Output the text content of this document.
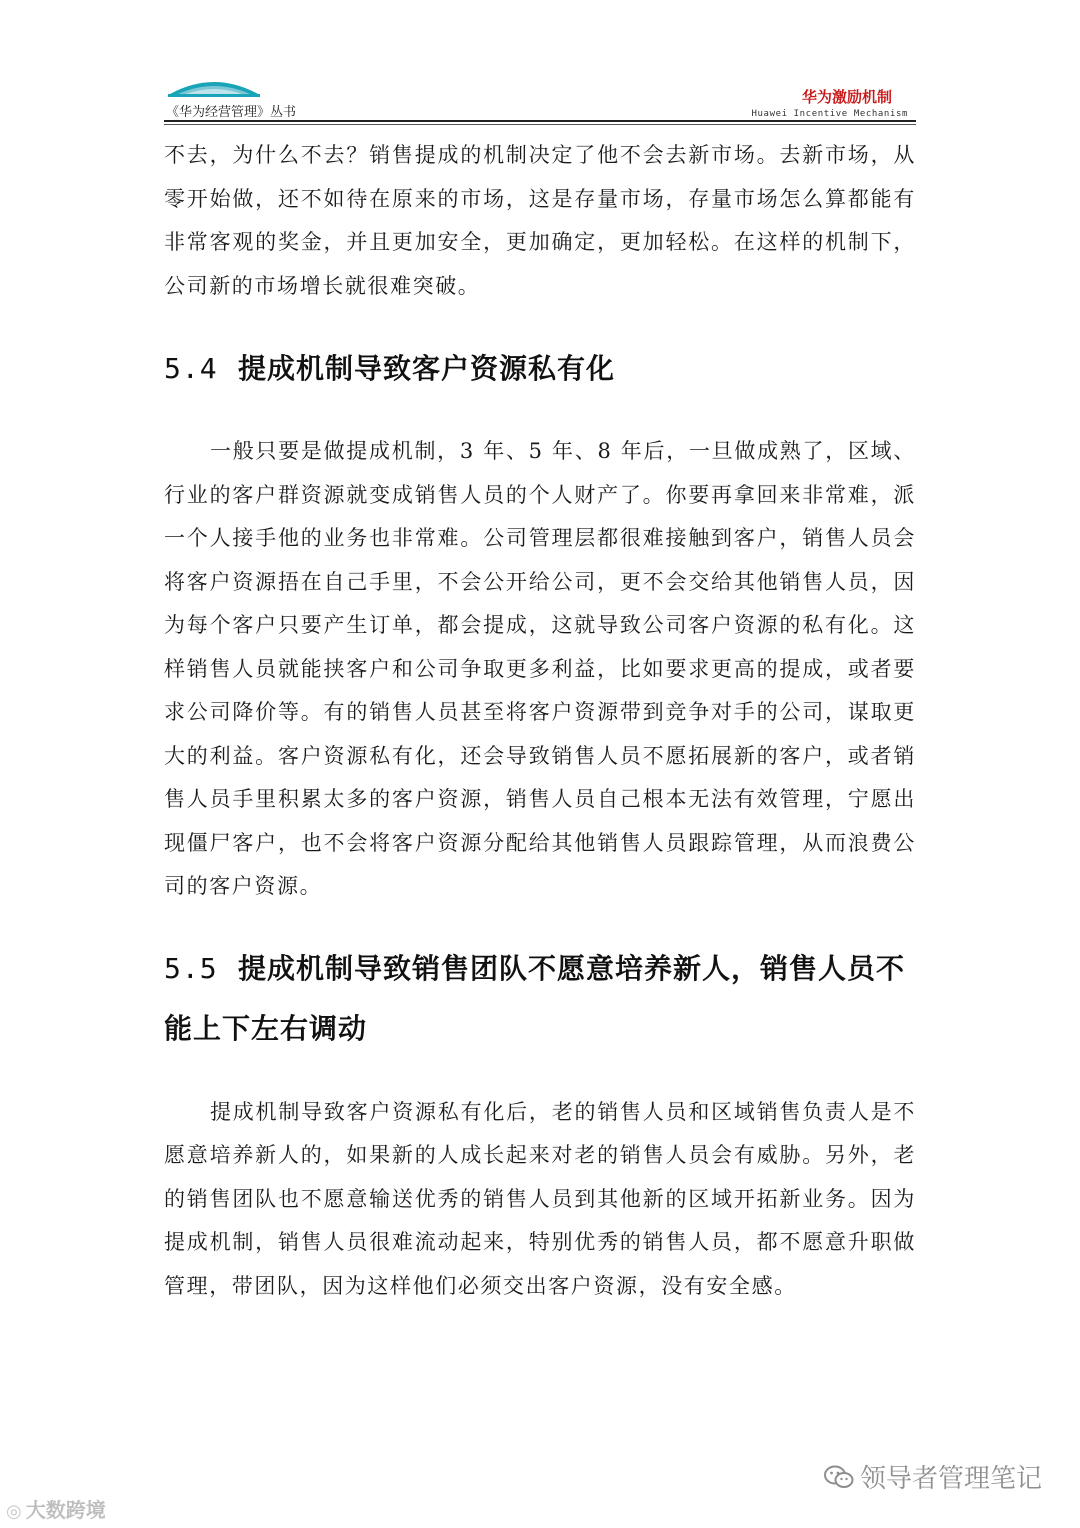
《华为经营管理》丛书
华为激励机制
Huawei Incentive Mechanism

不去，为什么不去？销售提成的机制决定了他不会去新市场。去新市场，从零开始做，还不如待在原来的市场，这是存量市场，存量市场怎么算都能有非常客观的奖金，并且更加安全，更加确定，更加轻松。在这样的机制下，公司新的市场增长就很难突破。

5.4 提成机制导致客户资源私有化

一般只要是做提成机制，3 年、5 年、8 年后，一旦做成熟了，区域、行业的客户群资源就变成销售人员的个人财产了。你要再拿回来非常难，派一个人接手他的业务也非常难。公司管理层都很难接触到客户，销售人员会将客户资源捂在自己手里，不会公开给公司，更不会交给其他销售人员，因为每个客户只要产生订单，都会提成，这就导致公司客户资源的私有化。这样销售人员就能挟客户和公司争取更多利益，比如要求更高的提成，或者要求公司降价等。有的销售人员甚至将客户资源带到竞争对手的公司，谋取更大的利益。客户资源私有化，还会导致销售人员不愿拓展新的客户，或者销售人员手里积累太多的客户资源，销售人员自己根本无法有效管理，宁愿出现僵尸客户，也不会将客户资源分配给其他销售人员跟踪管理，从而浪费公司的客户资源。

5.5 提成机制导致销售团队不愿意培养新人，销售人员不能上下左右调动

提成机制导致客户资源私有化后，老的销售人员和区域销售负责人是不愿意培养新人的，如果新的人成长起来对老的销售人员会有威胁。另外，老的销售团队也不愿意输送优秀的销售人员到其他新的区域开拓新业务。因为提成机制，销售人员很难流动起来，特别优秀的销售人员，都不愿意升职做管理，带团队，因为这样他们必须交出客户资源，没有安全感。

◎ 大数跨境
领导者管理笔记
